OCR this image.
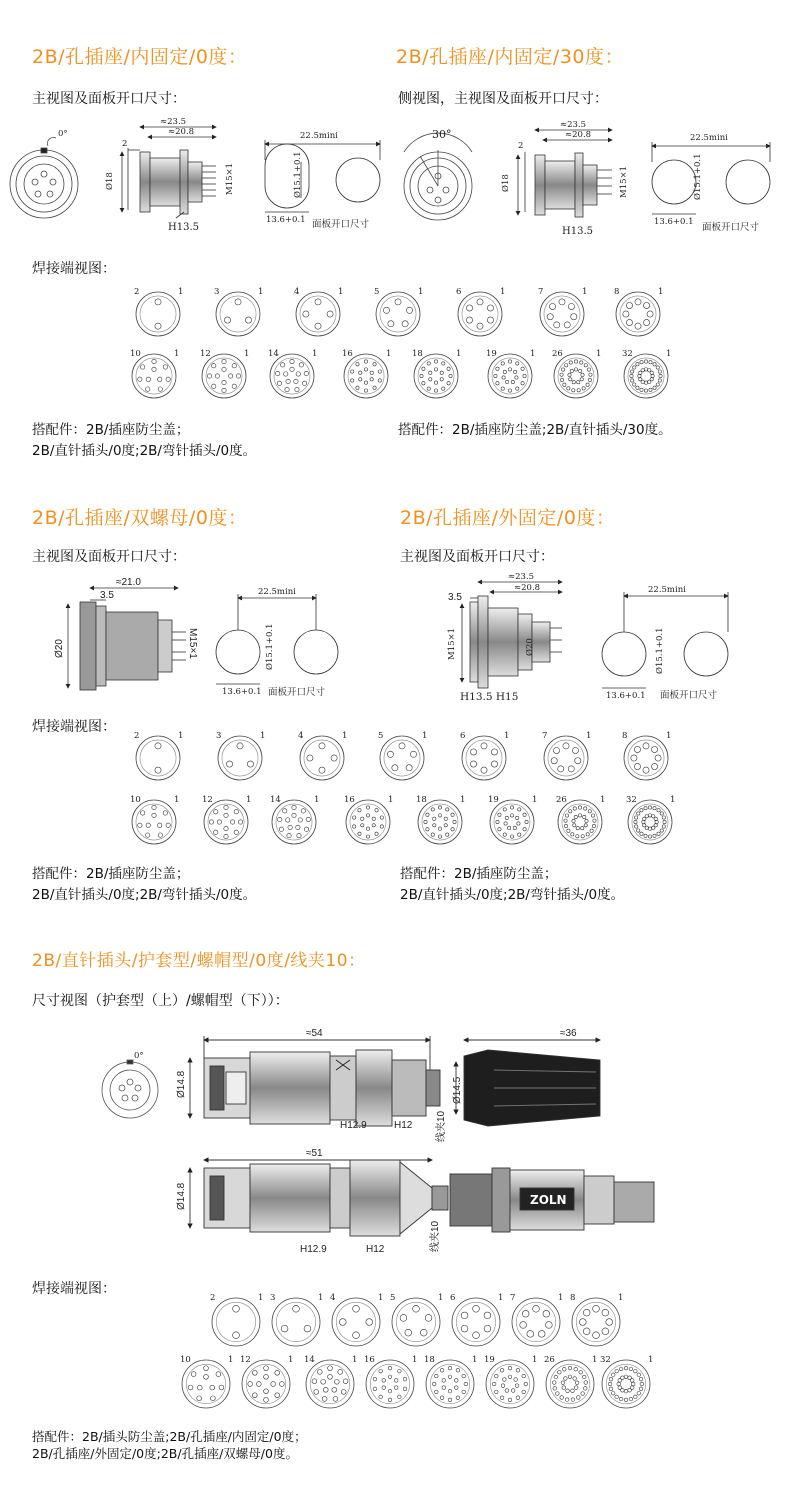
2B/孔插座/内固定/0度：
主视图及面板开口尺寸：
2B/孔插座/内固定/30度：
侧视图，主视图及面板开口尺寸：
焊接端视图：
搭配件：2B/插座防尘盖；
2B/直针插头/0度;2B/弯针插头/0度。
搭配件：2B/插座防尘盖;2B/直针插头/30度。
2B/孔插座/双螺母/0度：
主视图及面板开口尺寸：
2B/孔插座/外固定/0度：
主视图及面板开口尺寸：
焊接端视图：
搭配件：2B/插座防尘盖；
2B/直针插头/0度;2B/弯针插头/0度。
搭配件：2B/插座防尘盖；
2B/直针插头/0度;2B/弯针插头/0度。
2B/直针插头/护套型/螺帽型/0度/线夹10：
尺寸视图（护套型（上）/螺帽型（下））：
焊接端视图：
搭配件：2B/插头防尘盖;2B/孔插座/内固定/0度；
2B/孔插座/外固定/0度;2B/孔插座/双螺母/0度。
0°
≈23.5
≈20.8
2
Ø18	M15×1
H13.5
22.5mini
Ø15.1+0.1
13.6+0.1 面板开口尺寸
30°
≈23.5
≈20.8
2
Ø18	M15×1
H13.5
22.5mini
Ø15.1+0.1
13.6+0.1 面板开口尺寸
≈21.0
3.5
Ø20	M15×1
22.5mini
Ø15.1+0.1
13.6+0.1 面板开口尺寸
≈23.5
≈20.8
3.5
M15×1	Ø20
H13.5 H15
22.5mini
Ø15.1+0.1
13.6+0.1 面板开口尺寸
0°
≈54
Ø14.8
H12.9	H12 线夹10
≈36
Ø14.5
≈51
Ø14.8
H12.9	H12	线夹10
ZOLN
2	1	3	1	4	1	5	1	6	1	7	1	8	1
10	1 12	1 14	1	16	1 18	1	19	1 26	1 32	1
2	1	3	1	4	1	5	1	6	1	7	1	8	1
10	1	12	1 14	1	16	1	18	1	19	1 26	1 32	1
2	1 3	1 4	1 5	1 6	1 7	1 8	1
10	1 12	1 14	1 16	1 18	1 19	1 26	1 32	1
